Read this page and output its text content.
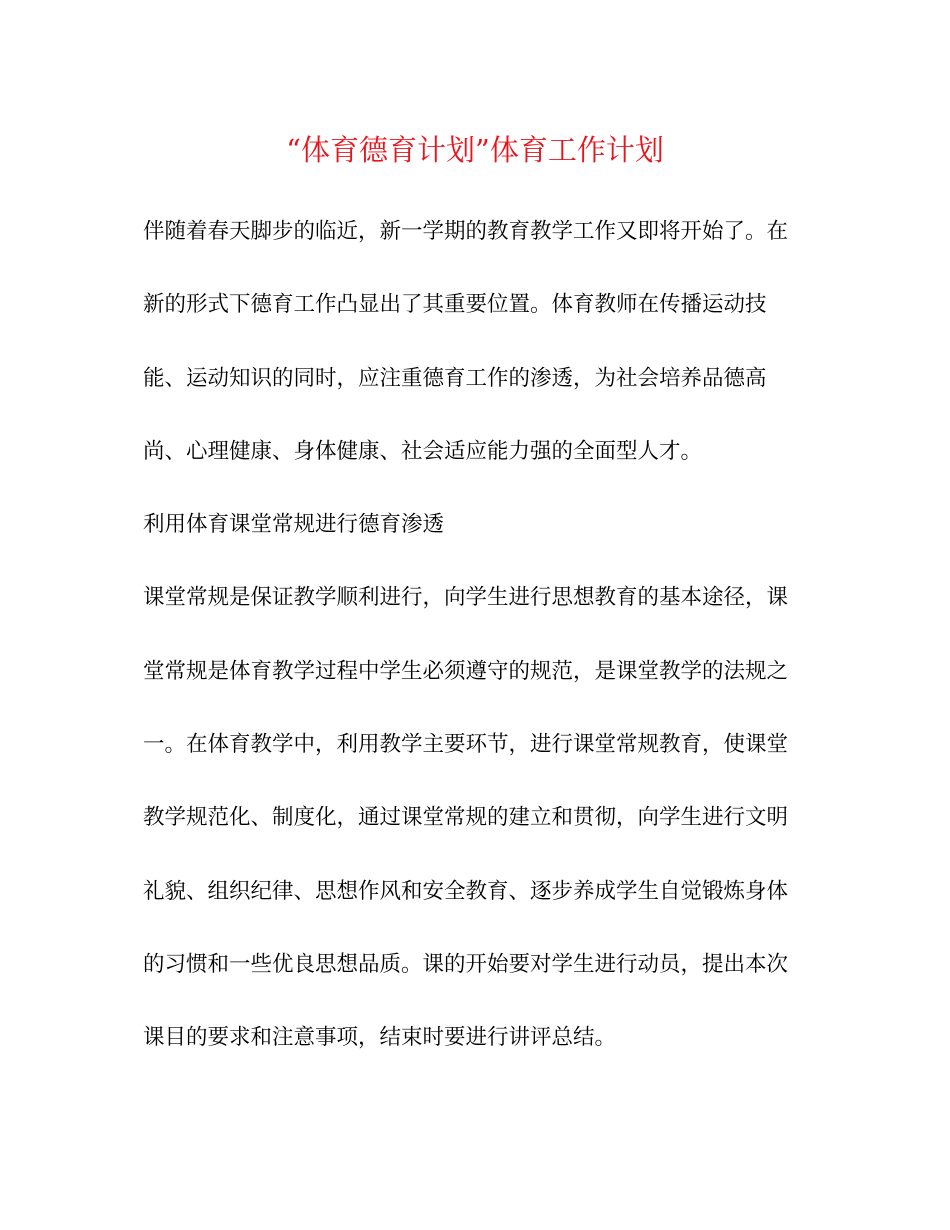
“体育德育计划”体育工作计划
伴随着春天脚步的临近，新一学期的教育教学工作又即将开始了。在
新的形式下德育工作凸显出了其重要位置。体育教师在传播运动技
能、运动知识的同时，应注重德育工作的渗透，为社会培养品德高
尚、心理健康、身体健康、社会适应能力强的全面型人才。
利用体育课堂常规进行德育渗透
课堂常规是保证教学顺利进行，向学生进行思想教育的基本途径，课
堂常规是体育教学过程中学生必须遵守的规范，是课堂教学的法规之
一。在体育教学中，利用教学主要环节，进行课堂常规教育，使课堂
教学规范化、制度化，通过课堂常规的建立和贯彻，向学生进行文明
礼貌、组织纪律、思想作风和安全教育、逐步养成学生自觉锻炼身体
的习惯和一些优良思想品质。课的开始要对学生进行动员，提出本次
课目的要求和注意事项，结束时要进行讲评总结。
